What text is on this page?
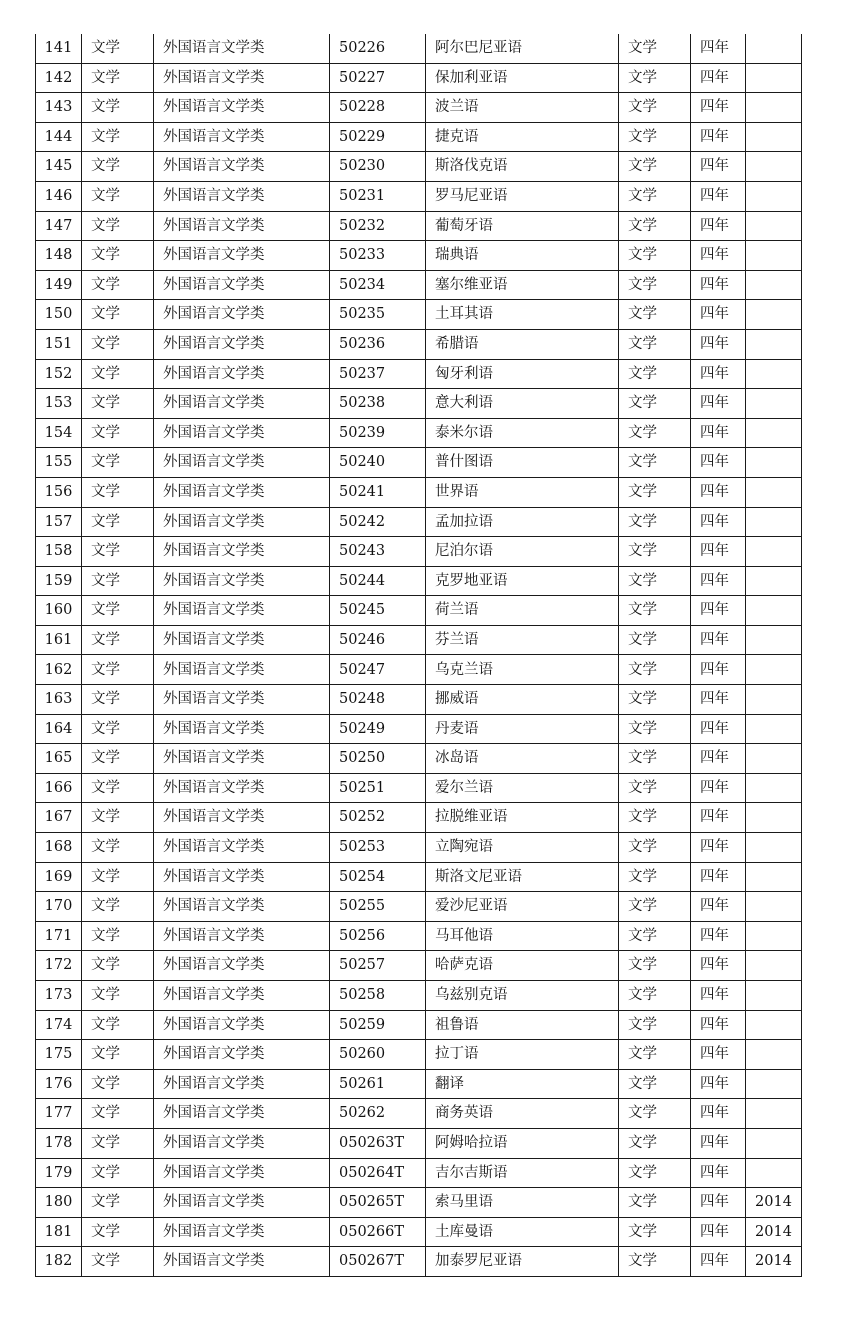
141	文学	外国语言文学类	50226	阿尔巴尼亚语	文学	四年	
142	文学	外国语言文学类	50227	保加利亚语	文学	四年	
143	文学	外国语言文学类	50228	波兰语	文学	四年	
144	文学	外国语言文学类	50229	捷克语	文学	四年	
145	文学	外国语言文学类	50230	斯洛伐克语	文学	四年	
146	文学	外国语言文学类	50231	罗马尼亚语	文学	四年	
147	文学	外国语言文学类	50232	葡萄牙语	文学	四年	
148	文学	外国语言文学类	50233	瑞典语	文学	四年	
149	文学	外国语言文学类	50234	塞尔维亚语	文学	四年	
150	文学	外国语言文学类	50235	土耳其语	文学	四年	
151	文学	外国语言文学类	50236	希腊语	文学	四年	
152	文学	外国语言文学类	50237	匈牙利语	文学	四年	
153	文学	外国语言文学类	50238	意大利语	文学	四年	
154	文学	外国语言文学类	50239	泰米尔语	文学	四年	
155	文学	外国语言文学类	50240	普什图语	文学	四年	
156	文学	外国语言文学类	50241	世界语	文学	四年	
157	文学	外国语言文学类	50242	孟加拉语	文学	四年	
158	文学	外国语言文学类	50243	尼泊尔语	文学	四年	
159	文学	外国语言文学类	50244	克罗地亚语	文学	四年	
160	文学	外国语言文学类	50245	荷兰语	文学	四年	
161	文学	外国语言文学类	50246	芬兰语	文学	四年	
162	文学	外国语言文学类	50247	乌克兰语	文学	四年	
163	文学	外国语言文学类	50248	挪威语	文学	四年	
164	文学	外国语言文学类	50249	丹麦语	文学	四年	
165	文学	外国语言文学类	50250	冰岛语	文学	四年	
166	文学	外国语言文学类	50251	爱尔兰语	文学	四年	
167	文学	外国语言文学类	50252	拉脱维亚语	文学	四年	
168	文学	外国语言文学类	50253	立陶宛语	文学	四年	
169	文学	外国语言文学类	50254	斯洛文尼亚语	文学	四年	
170	文学	外国语言文学类	50255	爱沙尼亚语	文学	四年	
171	文学	外国语言文学类	50256	马耳他语	文学	四年	
172	文学	外国语言文学类	50257	哈萨克语	文学	四年	
173	文学	外国语言文学类	50258	乌兹别克语	文学	四年	
174	文学	外国语言文学类	50259	祖鲁语	文学	四年	
175	文学	外国语言文学类	50260	拉丁语	文学	四年	
176	文学	外国语言文学类	50261	翻译	文学	四年	
177	文学	外国语言文学类	50262	商务英语	文学	四年	
178	文学	外国语言文学类	050263T	阿姆哈拉语	文学	四年	
179	文学	外国语言文学类	050264T	吉尔吉斯语	文学	四年	
180	文学	外国语言文学类	050265T	索马里语	文学	四年	2014
181	文学	外国语言文学类	050266T	土库曼语	文学	四年	2014
182	文学	外国语言文学类	050267T	加泰罗尼亚语	文学	四年	2014
